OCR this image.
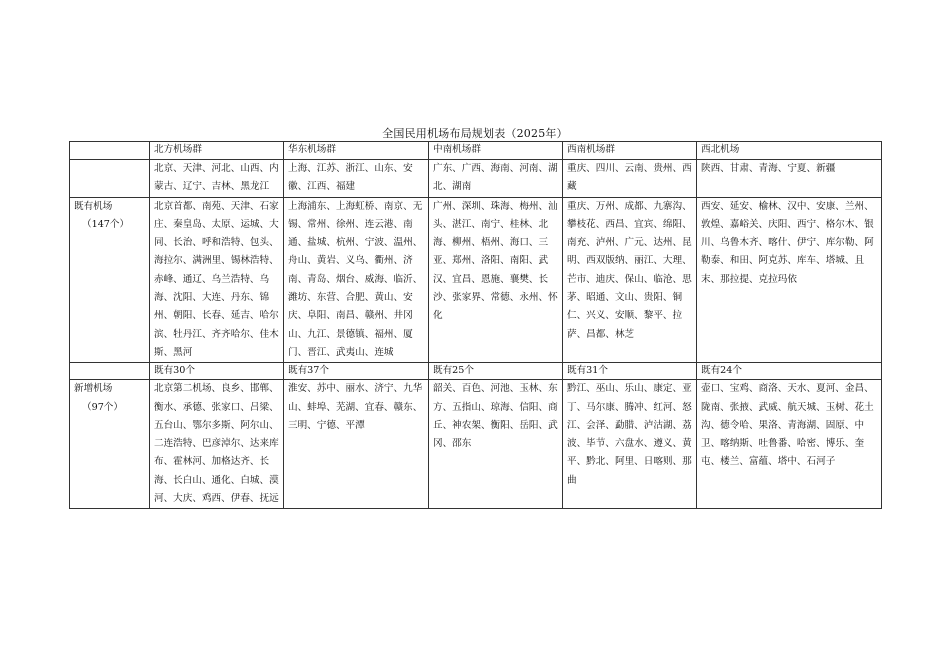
全国民用机场布局规划表（2025年）
	北方机场群	华东机场群	中南机场群	西南机场群	西北机场
	北京、天津、河北、山西、内蒙古、辽宁、吉林、黑龙江	上海、江苏、浙江、山东、安徽、江西、福建	广东、广西、海南、河南、湖北、湖南	重庆、四川、云南、贵州、西藏	陕西、甘肃、青海、宁夏、新疆
既有机场
（147个）	北京首都、南苑、天津、石家庄、秦皇岛、太原、运城、大同、长治、呼和浩特、包头、海拉尔、满洲里、锡林浩特、赤峰、通辽、乌兰浩特、乌海、沈阳、大连、丹东、锦州、朝阳、长春、延吉、哈尔滨、牡丹江、齐齐哈尔、佳木斯、黑河	上海浦东、上海虹桥、南京、无锡、常州、徐州、连云港、南通、盐城、杭州、宁波、温州、舟山、黄岩、义乌、衢州、济南、青岛、烟台、威海、临沂、潍坊、东营、合肥、黄山、安庆、阜阳、南昌、赣州、井冈山、九江、景德镇、福州、厦门、晋江、武夷山、连城	广州、深圳、珠海、梅州、汕头、湛江、南宁、桂林、北海、柳州、梧州、海口、三亚、郑州、洛阳、南阳、武汉、宜昌、恩施、襄樊、长沙、张家界、常德、永州、怀化	重庆、万州、成都、九寨沟、攀枝花、西昌、宜宾、绵阳、南充、泸州、广元、达州、昆明、西双版纳、丽江、大理、芒市、迪庆、保山、临沧、思茅、昭通、文山、贵阳、铜仁、兴义、安顺、黎平、拉萨、昌都、林芝	西安、延安、榆林、汉中、安康、兰州、敦煌、嘉峪关、庆阳、西宁、格尔木、银川、乌鲁木齐、喀什、伊宁、库尔勒、阿勒泰、和田、阿克苏、库车、塔城、且末、那拉提、克拉玛依
	既有30个	既有37个	既有25个	既有31个	既有24个
新增机场
（97个）	北京第二机场、良乡、邯郸、衡水、承德、张家口、吕梁、五台山、鄂尔多斯、阿尔山、二连浩特、巴彦淖尔、达来库布、霍林河、加格达齐、长海、长白山、通化、白城、漠河、大庆、鸡西、伊春、抚远	淮安、苏中、丽水、济宁、九华山、蚌埠、芜湖、宜春、赣东、三明、宁德、平潭	韶关、百色、河池、玉林、东方、五指山、琼海、信阳、商丘、神农架、衡阳、岳阳、武冈、邵东	黔江、巫山、乐山、康定、亚丁、马尔康、腾冲、红河、怒江、会泽、勐腊、泸沽湖、荔波、毕节、六盘水、遵义、黄平、黔北、阿里、日喀则、那曲	壶口、宝鸡、商洛、天水、夏河、金昌、陇南、张掖、武威、航天城、玉树、花土沟、德令哈、果洛、青海湖、固原、中卫、喀纳斯、吐鲁番、哈密、博乐、奎屯、楼兰、富蕴、塔中、石河子
